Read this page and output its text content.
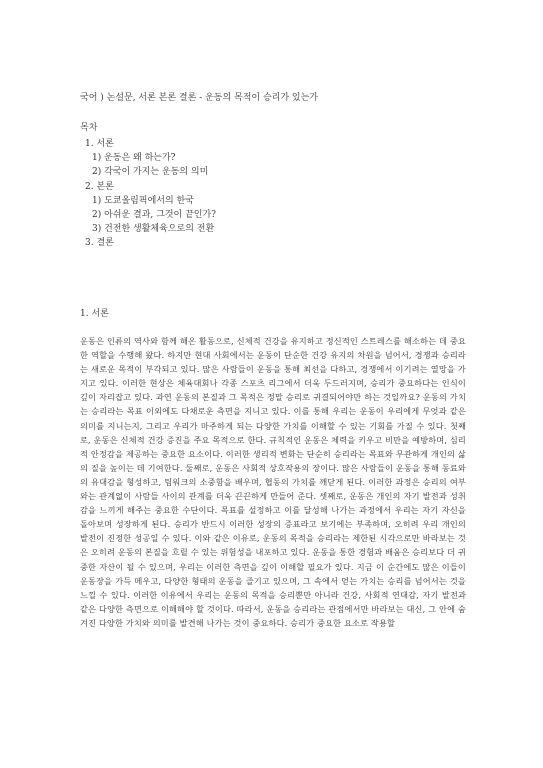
국어 ) 논설문, 서론 본론 결론 - 운동의 목적이 승리가 있는가
목차
1. 서론
1) 운동은 왜 하는가?
2) 각국이 가지는 운동의 의미
2. 본론
1) 도쿄올림픽에서의 한국
2) 아쉬운 결과, 그것이 끝인가?
3) 건전한 생활체육으로의 전환
3. 결론
1. 서론
운동은 인류의 역사와 함께 해온 활동으로, 신체적 건강을 유지하고 정신적인 스트레스를 해소하는 데 중요한 역할을 수행해 왔다. 하지만 현대 사회에서는 운동이 단순한 건강 유지의 차원을 넘어서, 경쟁과 승리라는 새로운 목적이 부각되고 있다. 많은 사람들이 운동을 통해 최선을 다하고, 경쟁에서 이기려는 열망을 가지고 있다. 이러한 현상은 체육대회나 각종 스포츠 리그에서 더욱 두드러지며, 승리가 중요하다는 인식이 깊이 자리잡고 있다. 과연 운동의 본질과 그 목적은 정말 승리로 귀결되어야만 하는 것일까요? 운동의 가치는 승리라는 목표 이외에도 다채로운 측면을 지니고 있다. 이를 통해 우리는 운동이 우리에게 무엇과 같은 의미를 지니는지, 그리고 우리가 마주하게 되는 다양한 가치를 이해할 수 있는 기회를 가질 수 있다. 첫째로, 운동은 신체적 건강 증진을 주요 목적으로 한다. 규칙적인 운동은 체력을 키우고 비만을 예방하며, 심리적 안정감을 제공하는 중요한 요소이다. 이러한 생리적 변화는 단순히 승리라는 목표와 무관하게 개인의 삶의 질을 높이는 데 기여한다. 둘째로, 운동은 사회적 상호작용의 장이다. 많은 사람들이 운동을 통해 동료와의 유대감을 형성하고, 팀워크의 소중함을 배우며, 협동의 가치를 깨닫게 된다. 이러한 과정은 승리의 여부와는 관계없이 사람들 사이의 관계를 더욱 끈끈하게 만들어 준다. 셋째로, 운동은 개인의 자기 발전과 성취감을 느끼게 해주는 중요한 수단이다. 목표를 설정하고 이를 달성해 나가는 과정에서 우리는 자기 자신을 돌아보며 성장하게 된다. 승리가 반드시 이러한 성장의 증표라고 보기에는 부족하며, 오히려 우리 개인의 발전이 진정한 성공일 수 있다. 이와 같은 이유로, 운동의 목적을 승리라는 제한된 시각으로만 바라보는 것은 오히려 운동의 본질을 흐릴 수 있는 위험성을 내포하고 있다. 운동을 통한 경험과 배움은 승리보다 더 귀중한 자산이 될 수 있으며, 우리는 이러한 측면을 깊이 이해할 필요가 있다. 지금 이 순간에도 많은 이들이 운동장을 가득 메우고, 다양한 형태의 운동을 즐기고 있으며, 그 속에서 얻는 가치는 승리를 넘어서는 것을 느낄 수 있다. 이러한 이유에서 우리는 운동의 목적을 승리뿐만 아니라 건강, 사회적 연대감, 자기 발전과 같은 다양한 측면으로 이해해야 할 것이다. 따라서, 운동을 승리라는 관점에서만 바라보는 대신, 그 안에 숨겨진 다양한 가치와 의미를 발견해 나가는 것이 중요하다. 승리가 중요한 요소로 작용할
